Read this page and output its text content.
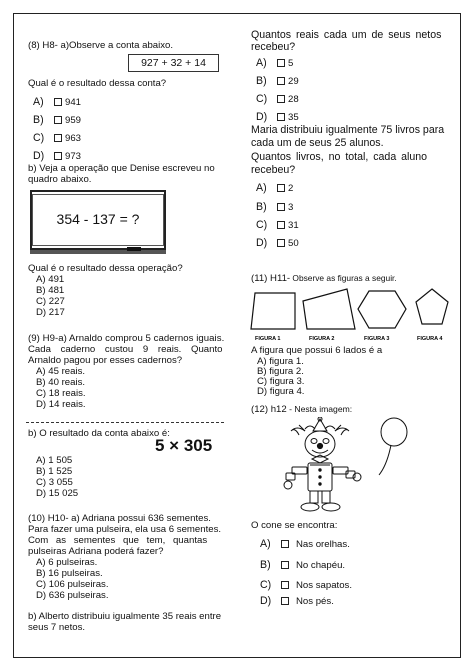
(8) H8- a)Observe a conta abaixo.
927 + 32 + 14
Qual é o resultado dessa conta?
A) 941
B) 959
C) 963
D) 973
b) Veja a operação que Denise escreveu no
quadro abaixo.
354 - 137 = ?
Qual é o resultado dessa operação?
A) 491
B) 481
C) 227
D) 217
(9) H9-a) Arnaldo comprou 5 cadernos iguais.
Cada caderno custou 9 reais. Quanto
Arnaldo pagou por esses cadernos?
A) 45 reais.
B) 40 reais.
C) 18 reais.
D) 14 reais.
b) O resultado da conta abaixo é:
5 × 305
A) 1 505
B) 1 525
C) 3 055
D) 15 025
(10) H10- a) Adriana possui 636 sementes.
Para fazer uma pulseira, ela usa 6 sementes.
Com as sementes que tem, quantas
pulseiras Adriana poderá fazer?
A) 6 pulseiras.
B) 16 pulseiras.
C) 106 pulseiras.
D) 636 pulseiras.
b) Alberto distribuiu igualmente 35 reais entre
seus 7 netos.
Quantos reais cada um de seus netos
recebeu?
A) 5
B) 29
C) 28
D) 35
Maria distribuiu igualmente 75 livros para
cada um de seus 25 alunos.
Quantos livros, no total, cada aluno
recebeu?
A) 2
B) 3
C) 31
D) 50
(11) H11- Observe as figuras a seguir.
FIGURA 1	FIGURA 2	FIGURA 3	FIGURA 4
A figura que possui 6 lados é a
A) figura 1.
B) figura 2.
C) figura 3.
D) figura 4.
(12) h12 - Nesta imagem:
O cone se encontra:
A)	Nas orelhas.
B)	No chapéu.
C)	Nos sapatos.
D)	Nos pés.
